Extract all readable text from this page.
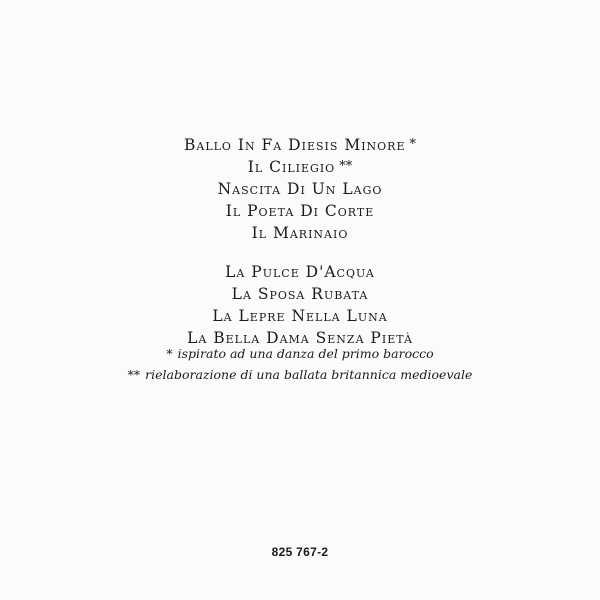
Ballo In Fa Diesis Minore *
Il Ciliegio **
Nascita Di Un Lago
Il Poeta Di Corte
Il Marinaio
La Pulce D'Acqua
La Sposa Rubata
La Lepre Nella Luna
La Bella Dama Senza Pietà
* ispirato ad una danza del primo barocco
** rielaborazione di una ballata britannica medioevale
825 767-2
